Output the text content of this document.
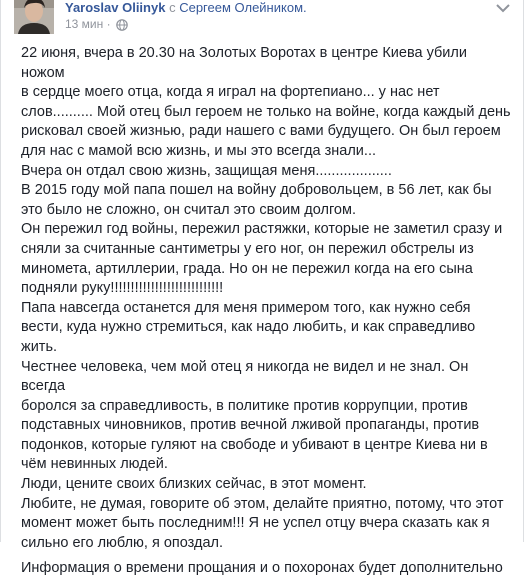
Yaroslav Oliinyk с Сергеем Олейником.
13 мин ·

22 июня, вчера в 20.30 на Золотых Воротах в центре Киева убили ножом
в сердце моего отца, когда я играл на фортепиано... у нас нет
слов.......... Мой отец был героем не только на войне, когда каждый день
рисковал своей жизнью, ради нашего с вами будущего. Он был героем
для нас с мамой всю жизнь, и мы это всегда знали...
Вчера он отдал свою жизнь, защищая меня...................
В 2015 году мой папа пошел на войну добровольцем, в 56 лет, как бы
это было не сложно, он считал это своим долгом.
Он пережил год войны, пережил растяжки, которые не заметил сразу и
сняли за считанные сантиметры у его ног, он пережил обстрелы из
миномета, артиллерии, града. Но он не пережил когда на его сына
подняли руку!!!!!!!!!!!!!!!!!!!!!!!!!!!!
Папа навсегда останется для меня примером того, как нужно себя
вести, куда нужно стремиться, как надо любить, и как справедливо
жить.
Честнее человека, чем мой отец я никогда не видел и не знал. Он всегда
боролся за справедливость, в политике против коррупции, против
подставных чиновников, против вечной лживой пропаганды, против
подонков, которые гуляют на свободе и убивают в центре Киева ни в
чём невинных людей.
Люди, цените своих близких сейчас, в этот момент.
Любите, не думая, говорите об этом, делайте приятно, потому, что этот
момент может быть последним!!! Я не успел отцу вчера сказать как я
сильно его люблю, я опоздал.

Информация о времени прощания и о похоронах будет дополнительно
